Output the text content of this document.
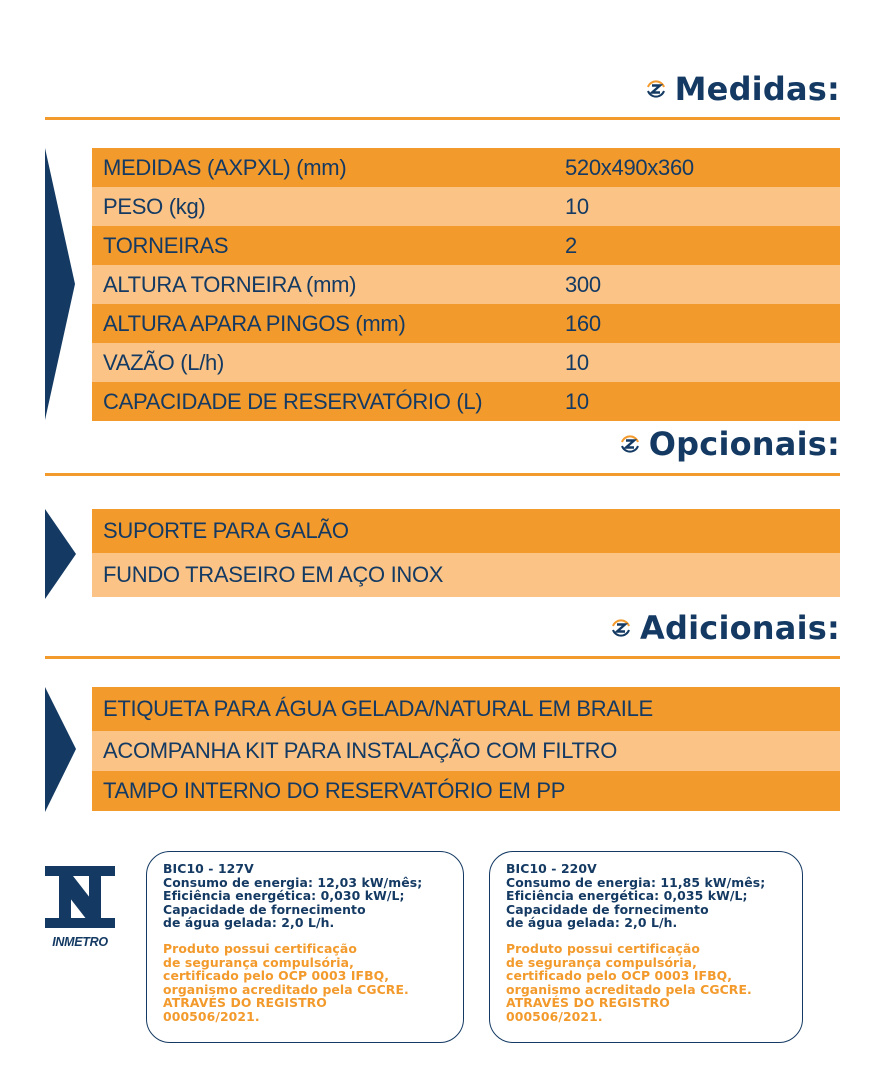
Medidas:
MEDIDAS (AXPXL) (mm)	520x490x360
PESO (kg)	10
TORNEIRAS	2
ALTURA TORNEIRA (mm)	300
ALTURA APARA PINGOS (mm)	160
VAZÃO (L/h)	10
CAPACIDADE DE RESERVATÓRIO (L)	10
Opcionais:
SUPORTE PARA GALÃO
FUNDO TRASEIRO EM AÇO INOX
Adicionais:
ETIQUETA PARA ÁGUA GELADA/NATURAL EM BRAILE
ACOMPANHA KIT PARA INSTALAÇÃO COM FILTRO
TAMPO INTERNO DO RESERVATÓRIO EM PP
INMETRO
BIC10 - 127V
Consumo de energia: 12,03 kW/mês;
Eficiência energética: 0,030 kW/L;
Capacidade de fornecimento
de água gelada: 2,0 L/h.
Produto possui certificação
de segurança compulsória,
certificado pelo OCP 0003 IFBQ,
organismo acreditado pela CGCRE.
ATRAVÉS DO REGISTRO
000506/2021.
BIC10 - 220V
Consumo de energia: 11,85 kW/mês;
Eficiência energética: 0,035 kW/L;
Capacidade de fornecimento
de água gelada: 2,0 L/h.
Produto possui certificação
de segurança compulsória,
certificado pelo OCP 0003 IFBQ,
organismo acreditado pela CGCRE.
ATRAVÉS DO REGISTRO
000506/2021.
